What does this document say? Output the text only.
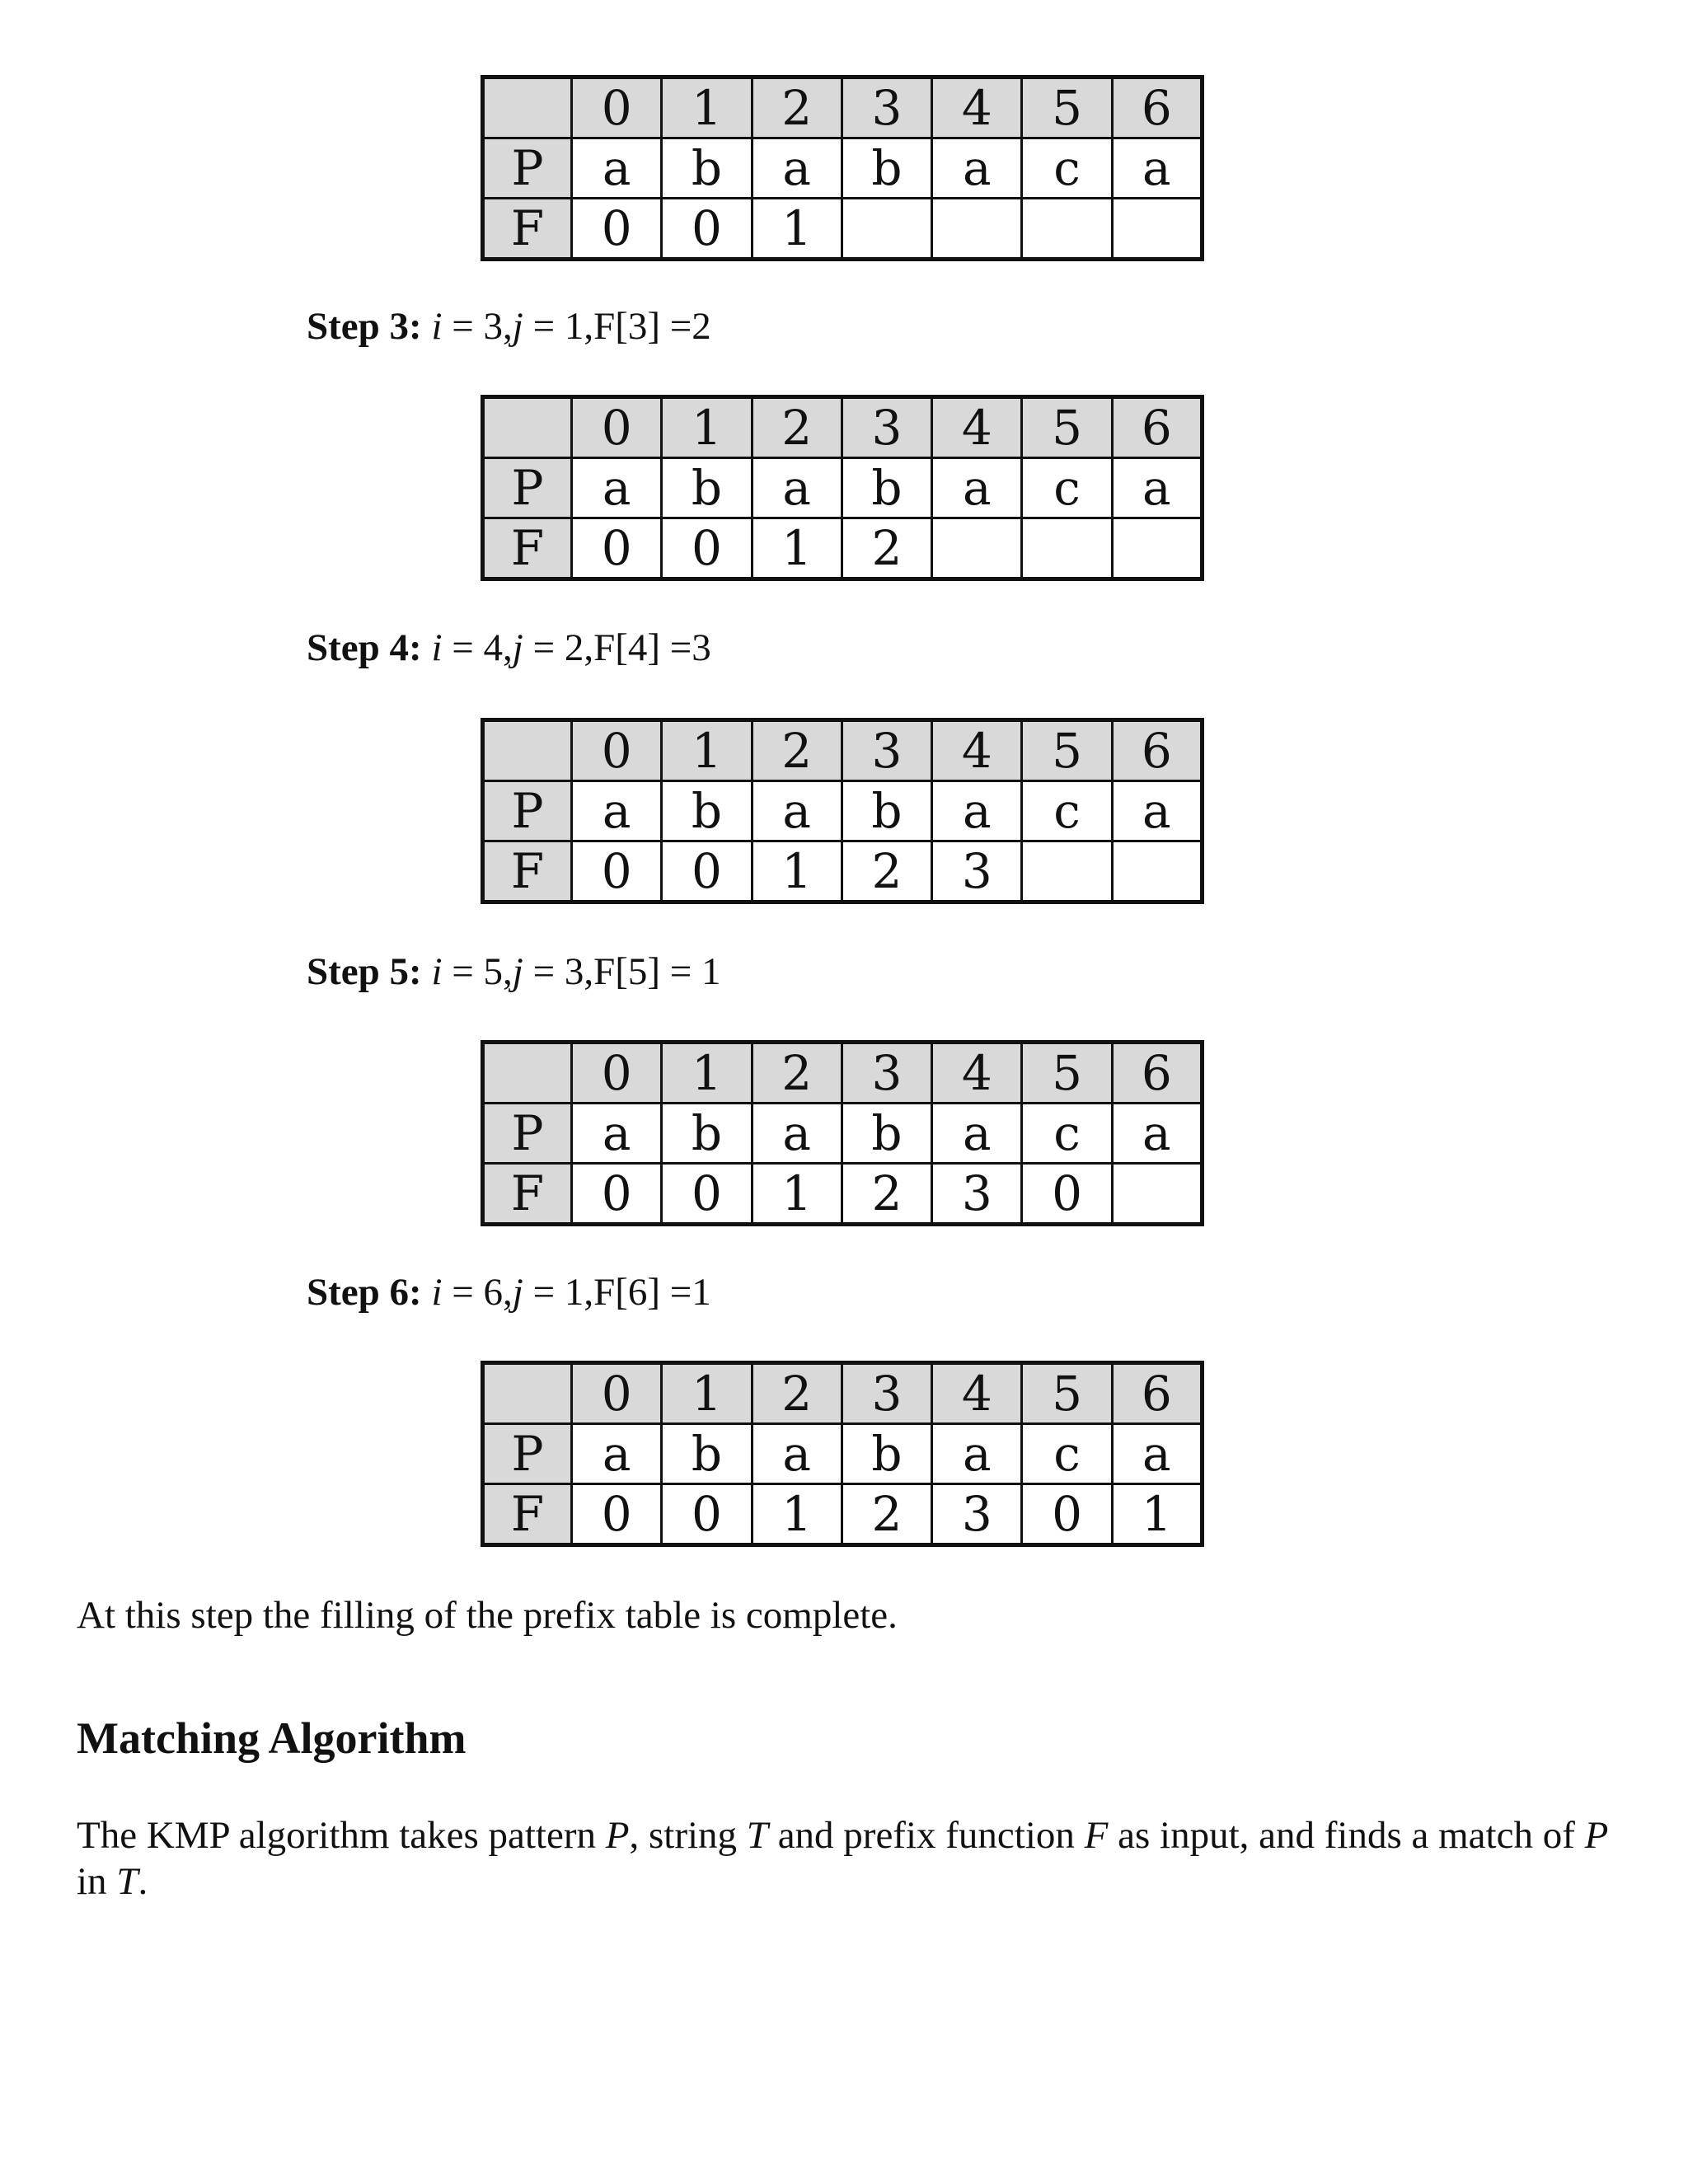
	0	1	2	3	4	5	6
P	a	b	a	b	a	c	a
F	0	0	1				
Step 3: i = 3,j = 1,F[3] =2
	0	1	2	3	4	5	6
P	a	b	a	b	a	c	a
F	0	0	1	2			
Step 4: i = 4,j = 2,F[4] =3
	0	1	2	3	4	5	6
P	a	b	a	b	a	c	a
F	0	0	1	2	3		
Step 5: i = 5,j = 3,F[5] = 1
	0	1	2	3	4	5	6
P	a	b	a	b	a	c	a
F	0	0	1	2	3	0	
Step 6: i = 6,j = 1,F[6] =1
	0	1	2	3	4	5	6
P	a	b	a	b	a	c	a
F	0	0	1	2	3	0	1
At this step the filling of the prefix table is complete.
Matching Algorithm
The KMP algorithm takes pattern P, string T and prefix function F as input, and finds a match of P in T.
